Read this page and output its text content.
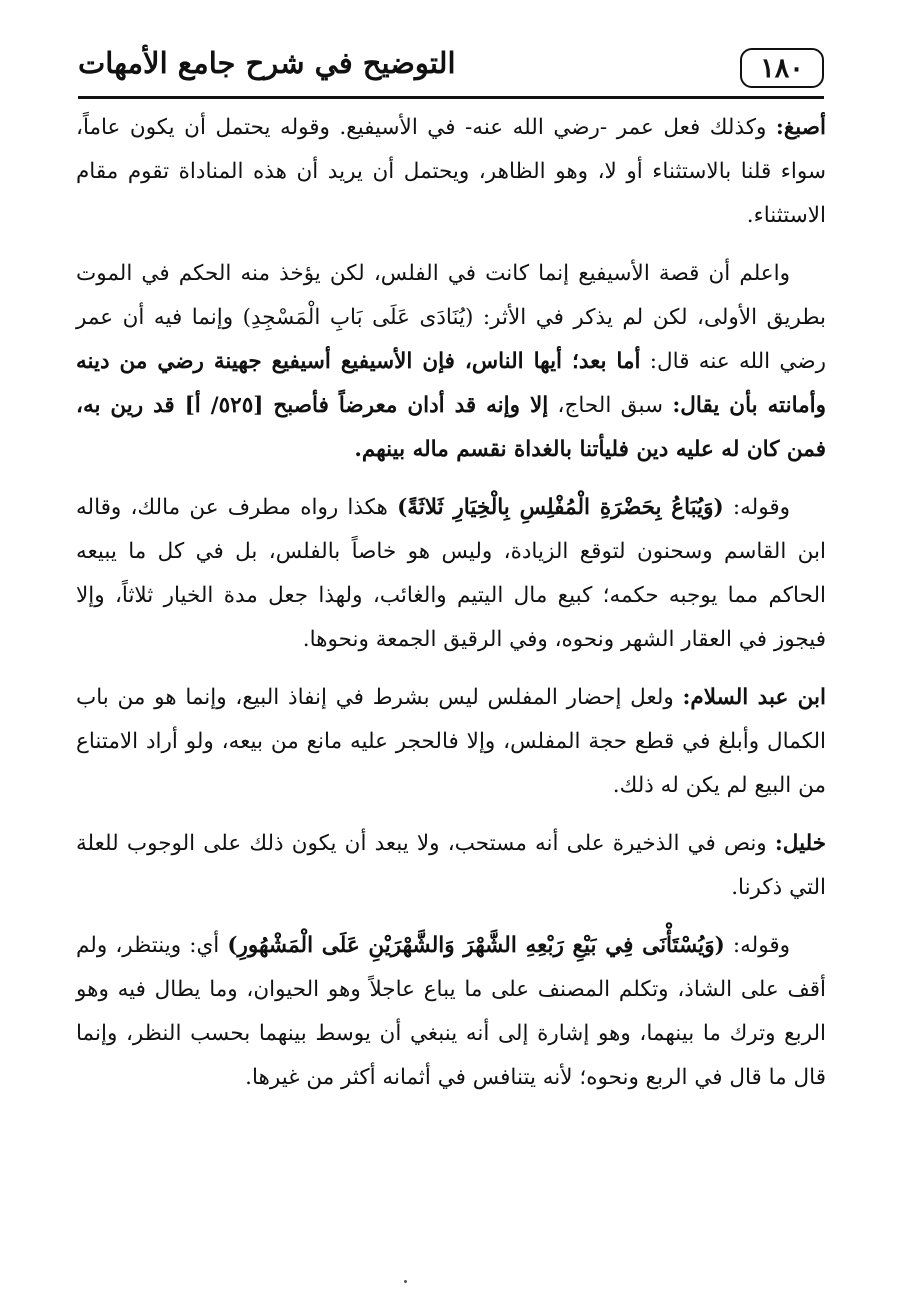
١٨٠
التوضيح في شرح جامع الأمهات

أصبغ: وكذلك فعل عمر -رضي الله عنه- في الأسيفيع. وقوله يحتمل أن يكون عاماً، سواء قلنا بالاستثناء أو لا، وهو الظاهر، ويحتمل أن يريد أن هذه المناداة تقوم مقام الاستثناء.

واعلم أن قصة الأسيفيع إنما كانت في الفلس، لكن يؤخذ منه الحكم في الموت بطريق الأولى، لكن لم يذكر في الأثر: (يُنَادَى عَلَى بَابِ الْمَسْجِدِ) وإنما فيه أن عمر رضي الله عنه قال: أما بعد؛ أيها الناس، فإن الأسيفيع أسيفيع جهينة رضي من دينه وأمانته بأن يقال: سبق الحاج، إلا وإنه قد أدان معرضاً فأصبح [٥٢٥/ أ] قد رين به، فمن كان له عليه دين فليأتنا بالغداة نقسم ماله بينهم.

وقوله: (وَيُبَاعُ بِحَضْرَةِ الْمُفْلِسِ بِالْخِيَارِ ثَلاثَةً) هكذا رواه مطرف عن مالك، وقاله ابن القاسم وسحنون لتوقع الزيادة، وليس هو خاصاً بالفلس، بل في كل ما يبيعه الحاكم مما يوجبه حكمه؛ كبيع مال اليتيم والغائب، ولهذا جعل مدة الخيار ثلاثاً، وإلا فيجوز في العقار الشهر ونحوه، وفي الرقيق الجمعة ونحوها.

ابن عبد السلام: ولعل إحضار المفلس ليس بشرط في إنفاذ البيع، وإنما هو من باب الكمال وأبلغ في قطع حجة المفلس، وإلا فالحجر عليه مانع من بيعه، ولو أراد الامتناع من البيع لم يكن له ذلك.

خليل: ونص في الذخيرة على أنه مستحب، ولا يبعد أن يكون ذلك على الوجوب للعلة التي ذكرنا.

وقوله: (وَيُسْتَأْنَى فِي بَيْعِ رَبْعِهِ الشَّهْرَ وَالشَّهْرَيْنِ عَلَى الْمَشْهُورِ) أي: وينتظر، ولم أقف على الشاذ، وتكلم المصنف على ما يباع عاجلاً وهو الحيوان، وما يطال فيه وهو الربع وترك ما بينهما، وهو إشارة إلى أنه ينبغي أن يوسط بينهما بحسب النظر، وإنما قال ما قال في الربع ونحوه؛ لأنه يتنافس في أثمانه أكثر من غيرها.
